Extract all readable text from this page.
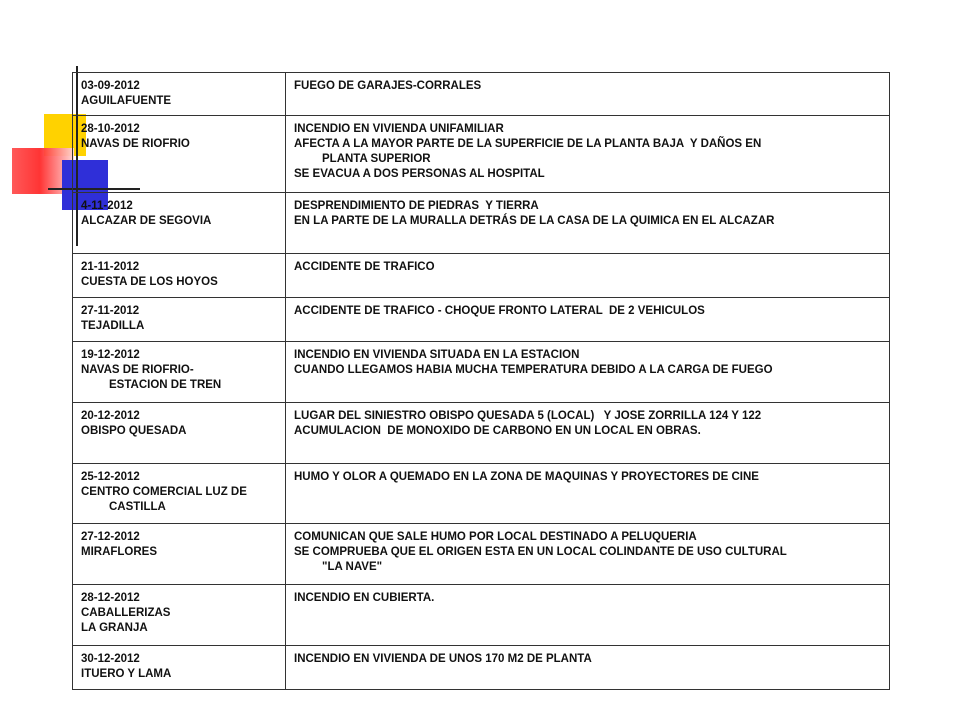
03-09-2012
AGUILAFUENTE	FUEGO DE GARAJES-CORRALES

28-10-2012
NAVAS DE RIOFRIO	INCENDIO EN VIVIENDA UNIFAMILIAR
AFECTA A LA MAYOR PARTE DE LA SUPERFICIE DE LA PLANTA BAJA  Y DAÑOS EN
PLANTA SUPERIOR
SE EVACUA A DOS PERSONAS AL HOSPITAL

4-11-2012
ALCAZAR DE SEGOVIA	DESPRENDIMIENTO DE PIEDRAS  Y TIERRA
EN LA PARTE DE LA MURALLA DETRÁS DE LA CASA DE LA QUIMICA EN EL ALCAZAR

21-11-2012
CUESTA DE LOS HOYOS	ACCIDENTE DE TRAFICO

27-11-2012
TEJADILLA	ACCIDENTE DE TRAFICO - CHOQUE FRONTO LATERAL  DE 2 VEHICULOS

19-12-2012
NAVAS DE RIOFRIO-
ESTACION DE TREN	INCENDIO EN VIVIENDA SITUADA EN LA ESTACION
CUANDO LLEGAMOS HABIA MUCHA TEMPERATURA DEBIDO A LA CARGA DE FUEGO

20-12-2012
OBISPO QUESADA	LUGAR DEL SINIESTRO OBISPO QUESADA 5 (LOCAL)   Y JOSE ZORRILLA 124 Y 122
ACUMULACION  DE MONOXIDO DE CARBONO EN UN LOCAL EN OBRAS.

25-12-2012
CENTRO COMERCIAL LUZ DE
CASTILLA	HUMO Y OLOR A QUEMADO EN LA ZONA DE MAQUINAS Y PROYECTORES DE CINE

27-12-2012
MIRAFLORES	COMUNICAN QUE SALE HUMO POR LOCAL DESTINADO A PELUQUERIA
SE COMPRUEBA QUE EL ORIGEN ESTA EN UN LOCAL COLINDANTE DE USO CULTURAL
"LA NAVE"

28-12-2012
CABALLERIZAS
LA GRANJA	INCENDIO EN CUBIERTA.

30-12-2012
ITUERO Y LAMA	INCENDIO EN VIVIENDA DE UNOS 170 M2 DE PLANTA
